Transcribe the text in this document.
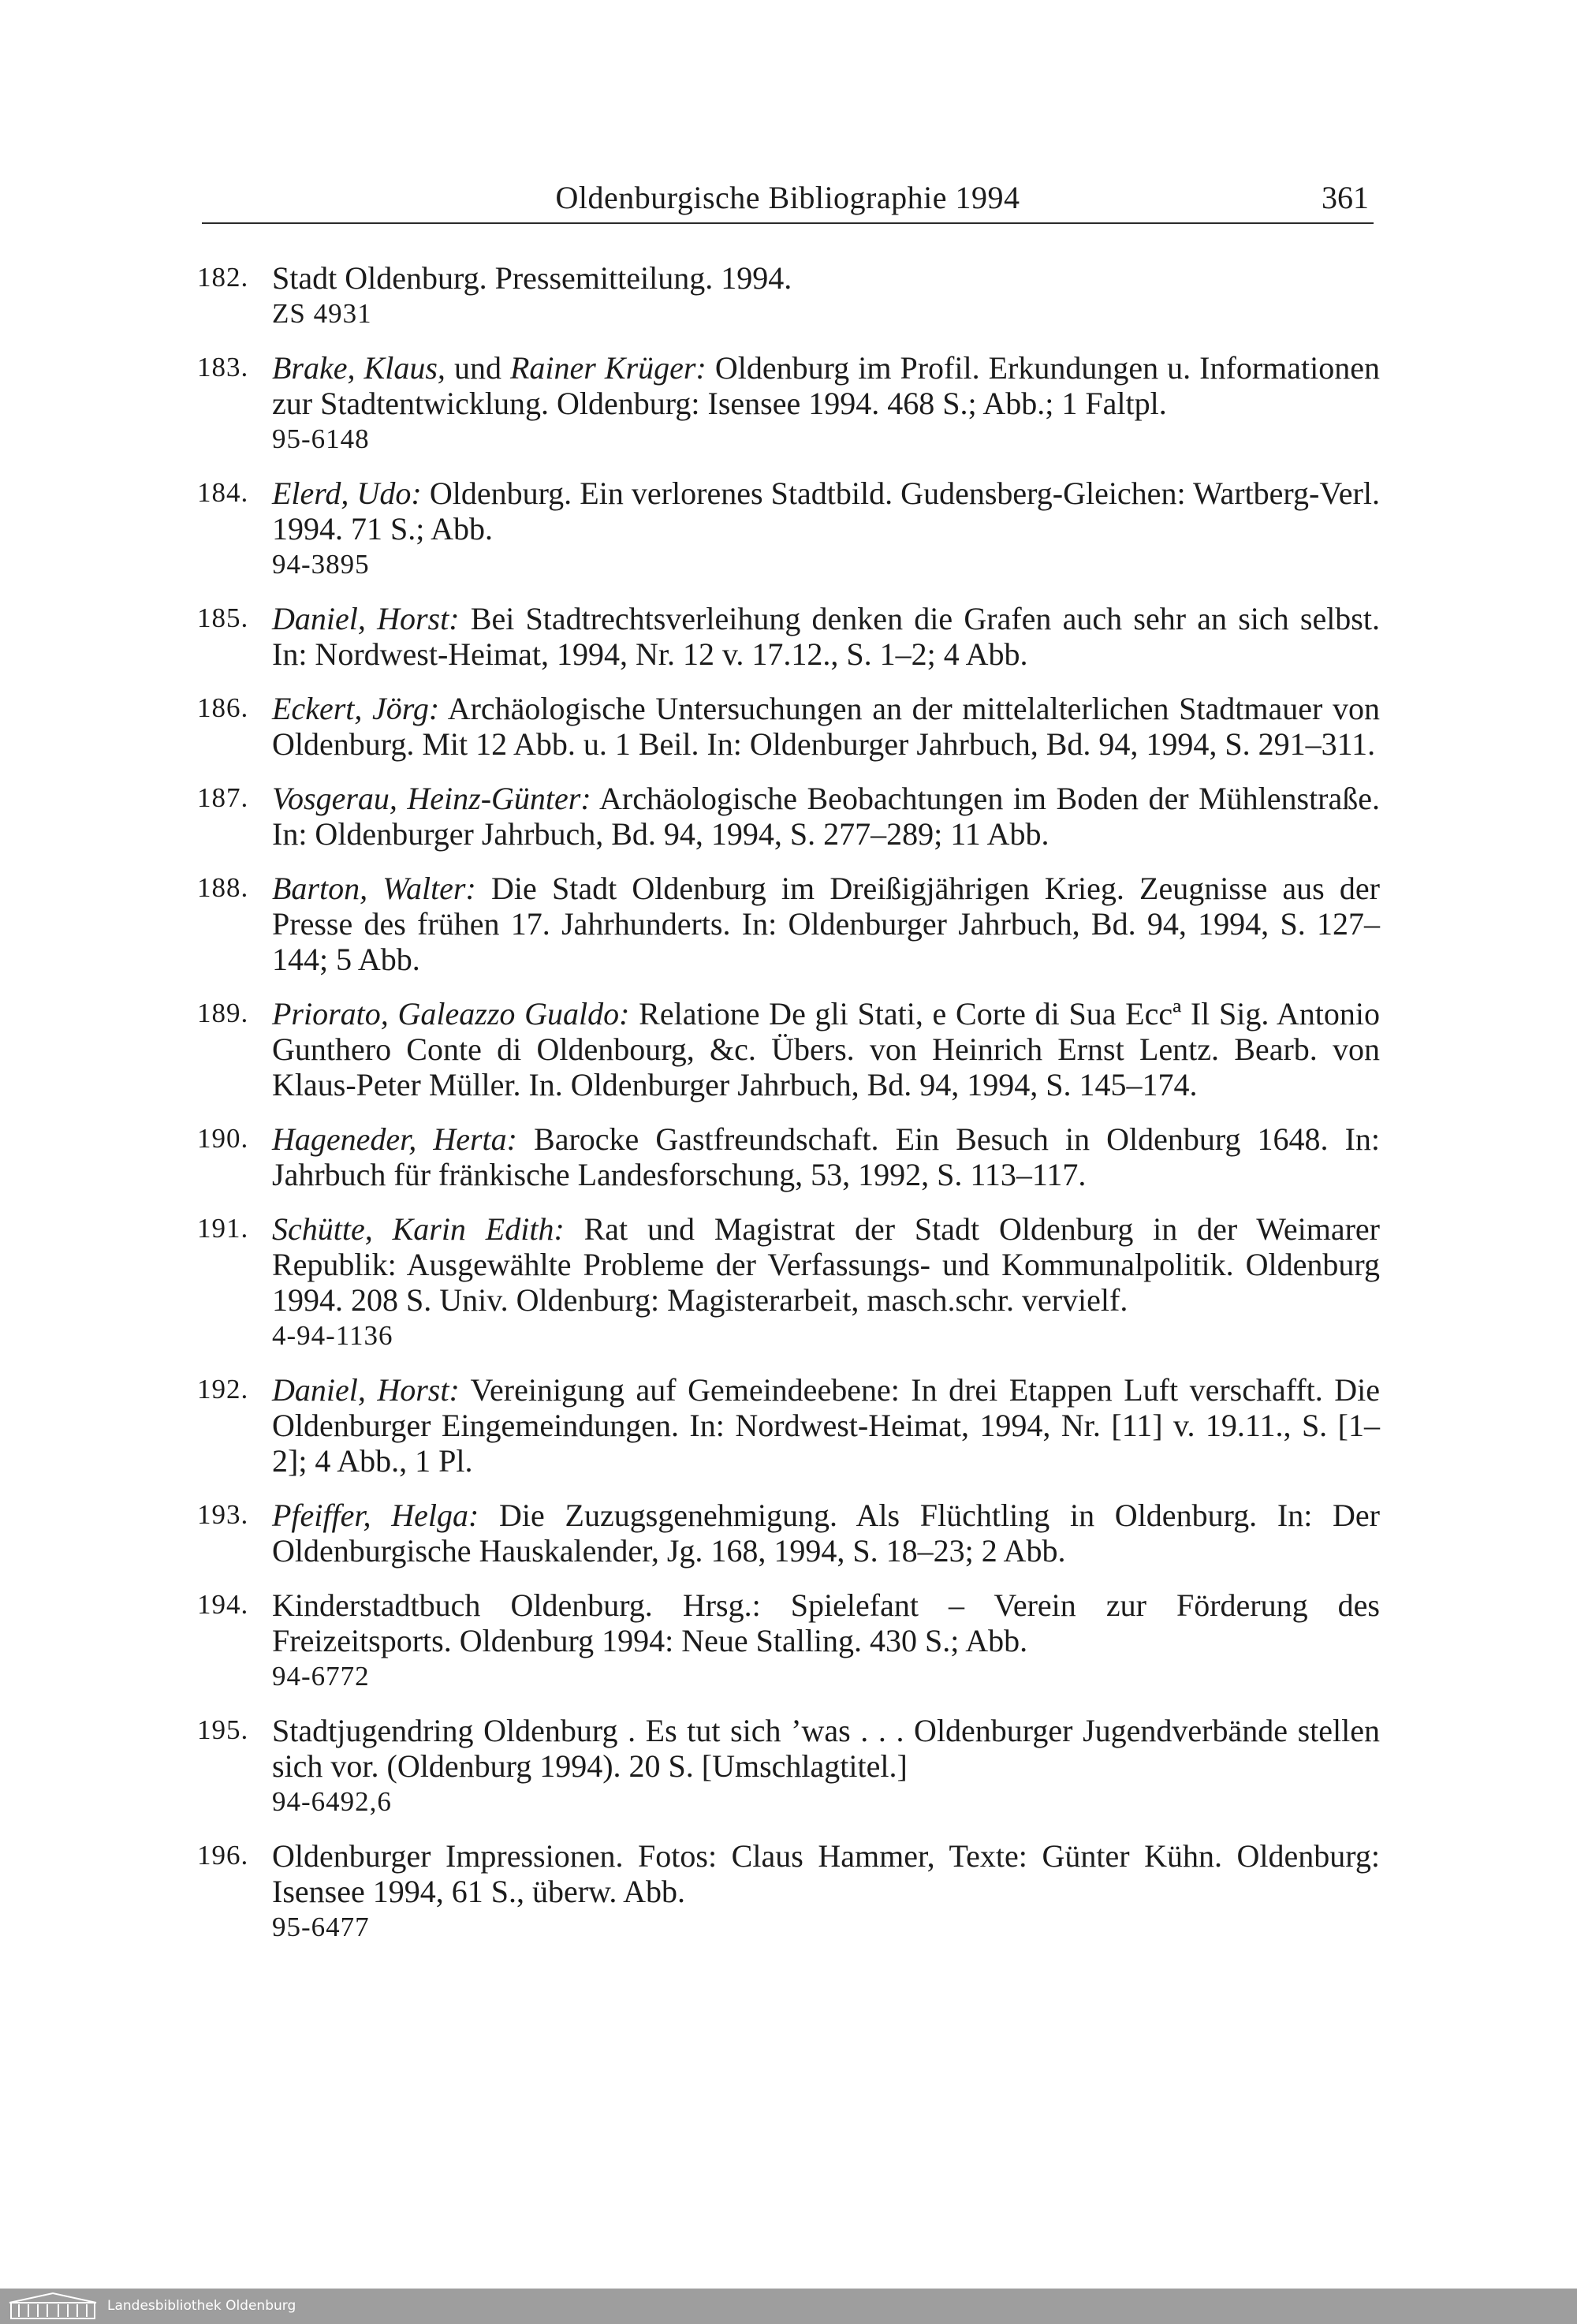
Oldenburgische Bibliographie 1994	361
182. Stadt Oldenburg. Pressemitteilung. 1994.
ZS 4931
183. Brake, Klaus, und Rainer Krüger: Oldenburg im Profil. Erkundungen u. Informationen zur Stadtentwicklung. Oldenburg: Isensee 1994. 468 S.; Abb.; 1 Faltpl.
95-6148
184. Elerd, Udo: Oldenburg. Ein verlorenes Stadtbild. Gudensberg-Gleichen: Wartberg-Verl. 1994. 71 S.; Abb.
94-3895
185. Daniel, Horst: Bei Stadtrechtsverleihung denken die Grafen auch sehr an sich selbst. In: Nordwest-Heimat, 1994, Nr. 12 v. 17.12., S. 1–2; 4 Abb.
186. Eckert, Jörg: Archäologische Untersuchungen an der mittelalterlichen Stadtmauer von Oldenburg. Mit 12 Abb. u. 1 Beil. In: Oldenburger Jahrbuch, Bd. 94, 1994, S. 291–311.
187. Vosgerau, Heinz-Günter: Archäologische Beobachtungen im Boden der Mühlenstraße. In: Oldenburger Jahrbuch, Bd. 94, 1994, S. 277–289; 11 Abb.
188. Barton, Walter: Die Stadt Oldenburg im Dreißigjährigen Krieg. Zeugnisse aus der Presse des frühen 17. Jahrhunderts. In: Oldenburger Jahrbuch, Bd. 94, 1994, S. 127–144; 5 Abb.
189. Priorato, Galeazzo Gualdo: Relatione De gli Stati, e Corte di Sua Eccª Il Sig. Antonio Gunthero Conte di Oldenbourg, &c. Übers. von Heinrich Ernst Lentz. Bearb. von Klaus-Peter Müller. In. Oldenburger Jahrbuch, Bd. 94, 1994, S. 145–174.
190. Hageneder, Herta: Barocke Gastfreundschaft. Ein Besuch in Oldenburg 1648. In: Jahrbuch für fränkische Landesforschung, 53, 1992, S. 113–117.
191. Schütte, Karin Edith: Rat und Magistrat der Stadt Oldenburg in der Weimarer Republik: Ausgewählte Probleme der Verfassungs- und Kommunalpolitik. Oldenburg 1994. 208 S. Univ. Oldenburg: Magisterarbeit, masch.schr. vervielf.
4-94-1136
192. Daniel, Horst: Vereinigung auf Gemeindeebene: In drei Etappen Luft verschafft. Die Oldenburger Eingemeindungen. In: Nordwest-Heimat, 1994, Nr. [11] v. 19.11., S. [1–2]; 4 Abb., 1 Pl.
193. Pfeiffer, Helga: Die Zuzugsgenehmigung. Als Flüchtling in Oldenburg. In: Der Oldenburgische Hauskalender, Jg. 168, 1994, S. 18–23; 2 Abb.
194. Kinderstadtbuch Oldenburg. Hrsg.: Spielefant – Verein zur Förderung des Freizeitsports. Oldenburg 1994: Neue Stalling. 430 S.; Abb.
94-6772
195. Stadtjugendring Oldenburg . Es tut sich ’was . . . Oldenburger Jugendverbände stellen sich vor. (Oldenburg 1994). 20 S. [Umschlagtitel.]
94-6492,6
196. Oldenburger Impressionen. Fotos: Claus Hammer, Texte: Günter Kühn. Oldenburg: Isensee 1994, 61 S., überw. Abb.
95-6477
Landesbibliothek Oldenburg
